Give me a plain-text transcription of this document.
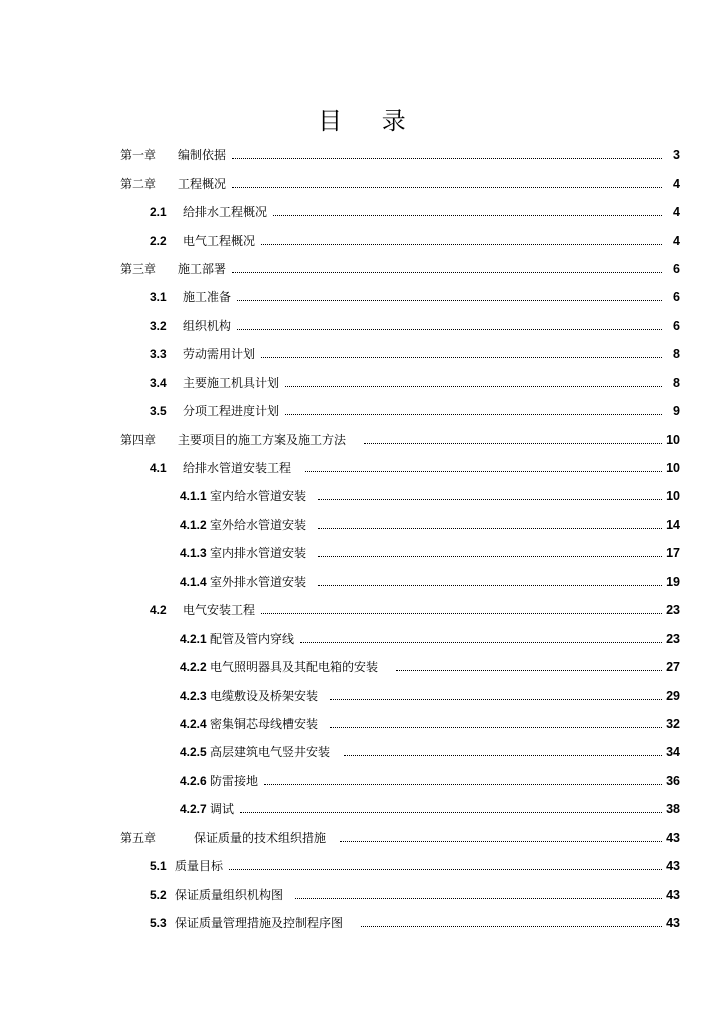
目 录
第一章	编制依据	3
第二章	工程概况	4
2.1	给排水工程概况	4
2.2	电气工程概况	4
第三章	施工部署	6
3.1	施工准备	6
3.2	组织机构	6
3.3	劳动需用计划	8
3.4	主要施工机具计划	8
3.5	分项工程进度计划	9
第四章	主要项目的施工方案及施工方法	10
4.1	给排水管道安装工程	10
4.1.1 室内给水管道安装	10
4.1.2 室外给水管道安装	14
4.1.3 室内排水管道安装	17
4.1.4 室外排水管道安装	19
4.2	电气安装工程	23
4.2.1 配管及管内穿线	23
4.2.2 电气照明器具及其配电箱的安装	27
4.2.3 电缆敷设及桥架安装	29
4.2.4 密集铜芯母线槽安装	32
4.2.5 高层建筑电气竖井安装	34
4.2.6 防雷接地	36
4.2.7 调试	38
第五章	保证质量的技术组织措施	43
5.1 质量目标	43
5.2 保证质量组织机构图	43
5.3 保证质量管理措施及控制程序图	43
